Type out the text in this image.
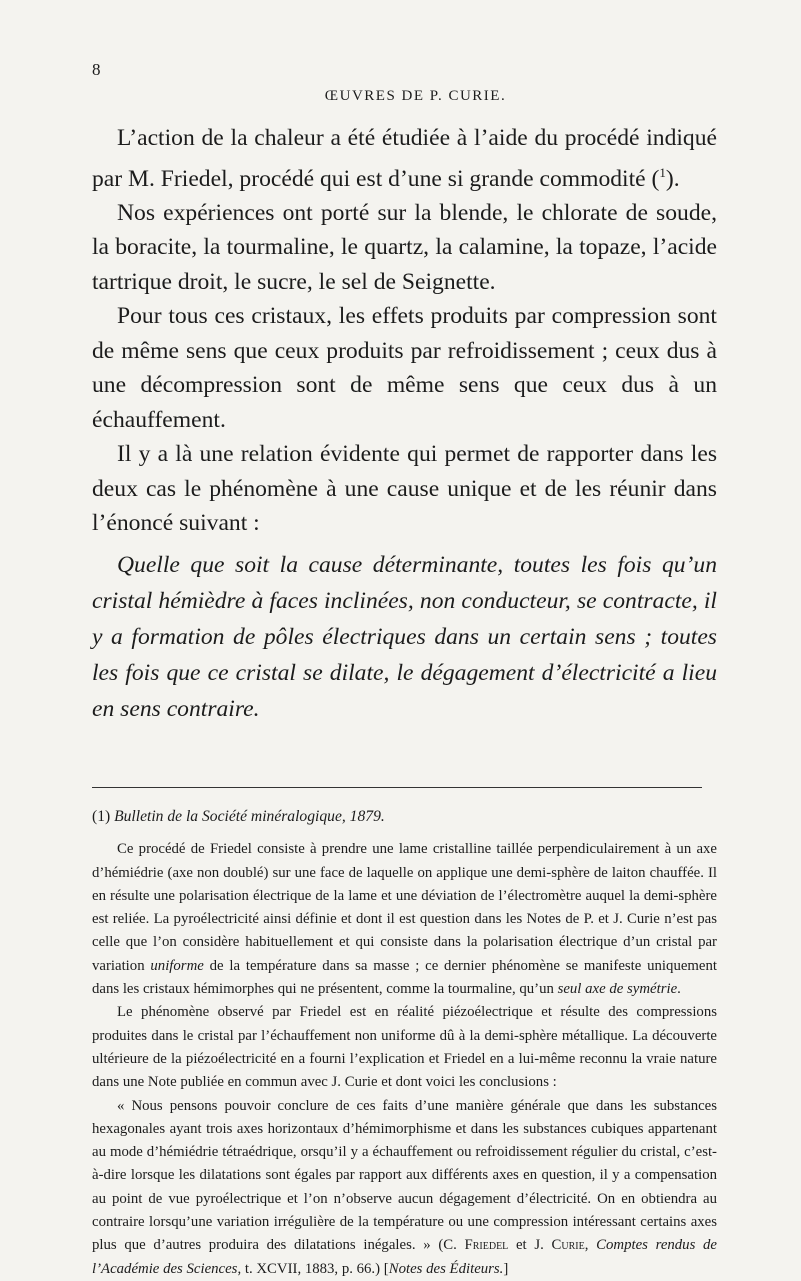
8
ŒUVRES DE P. CURIE.

L’action de la chaleur a été étudiée à l’aide du procédé indiqué par M. Friedel, procédé qui est d’une si grande commodité ($^1$).

Nos expériences ont porté sur la blende, le chlorate de soude, la boracite, la tourmaline, le quartz, la calamine, la topaze, l’acide tartrique droit, le sucre, le sel de Seignette.

Pour tous ces cristaux, les effets produits par compression sont de même sens que ceux produits par refroidissement ; ceux dus à une décompression sont de même sens que ceux dus à un échauffement.

Il y a là une relation évidente qui permet de rapporter dans les deux cas le phénomène à une cause unique et de les réunir dans l’énoncé suivant :

Quelle que soit la cause déterminante, toutes les fois qu’un cristal hémièdre à faces inclinées, non conducteur, se contracte, il y a formation de pôles électriques dans un certain sens ; toutes les fois que ce cristal se dilate, le dégagement d’électricité a lieu en sens contraire.

(1) Bulletin de la Société minéralogique, 1879.

Ce procédé de Friedel consiste à prendre une lame cristalline taillée perpendiculairement à un axe d’hémiédrie (axe non doublé) sur une face de laquelle on applique une demi-sphère de laiton chauffée. Il en résulte une polarisation électrique de la lame et une déviation de l’électromètre auquel la demi-sphère est reliée. La pyroélectricité ainsi définie et dont il est question dans les Notes de P. et J. Curie n’est pas celle que l’on considère habituellement et qui consiste dans la polarisation électrique d’un cristal par variation uniforme de la température dans sa masse ; ce dernier phénomène se manifeste uniquement dans les cristaux hémimorphes qui ne présentent, comme la tourmaline, qu’un seul axe de symétrie.

Le phénomène observé par Friedel est en réalité piézoélectrique et résulte des compressions produites dans le cristal par l’échauffement non uniforme dû à la demi-sphère métallique. La découverte ultérieure de la piézoélectricité en a fourni l’explication et Friedel en a lui-même reconnu la vraie nature dans une Note publiée en commun avec J. Curie et dont voici les conclusions :

« Nous pensons pouvoir conclure de ces faits d’une manière générale que dans les substances hexagonales ayant trois axes horizontaux d’hémimorphisme et dans les substances cubiques appartenant au mode d’hémiédrie tétraédrique, orsqu’il y a échauffement ou refroidissement régulier du cristal, c’est-à-dire lorsque les dilatations sont égales par rapport aux différents axes en question, il y a compensation au point de vue pyroélectrique et l’on n’observe aucun dégagement d’électricité. On en obtiendra au contraire lorsqu’une variation irrégulière de la température ou une compression intéressant certains axes plus que d’autres produira des dilatations inégales. » (C. Friedel et J. Curie, Comptes rendus de l’Académie des Sciences, t. XCVII, 1883, p. 66.) [Notes des Éditeurs.]
